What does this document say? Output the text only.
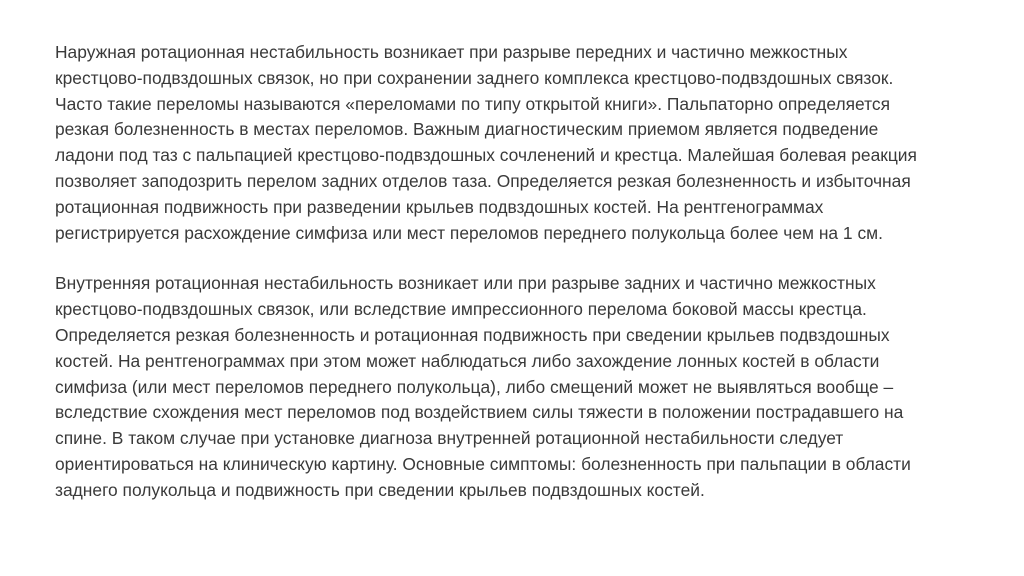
Наружная ротационная нестабильность возникает при разрыве передних и частично межкостных
крестцово-подвздошных связок, но при сохранении заднего комплекса крестцово-подвздошных связок.
Часто такие переломы называются «переломами по типу открытой книги». Пальпаторно определяется
резкая болезненность в местах переломов. Важным диагностическим приемом является подведение
ладони под таз с пальпацией крестцово-подвздошных сочленений и крестца. Малейшая болевая реакция
позволяет заподозрить перелом задних отделов таза. Определяется резкая болезненность и избыточная
ротационная подвижность при разведении крыльев подвздошных костей. На рентгенограммах
регистрируется расхождение симфиза или мест переломов переднего полукольца более чем на 1 см.

Внутренняя ротационная нестабильность возникает или при разрыве задних и частично межкостных
крестцово-подвздошных связок, или вследствие импрессионного перелома боковой массы крестца.
Определяется резкая болезненность и ротационная подвижность при сведении крыльев подвздошных
костей. На рентгенограммах при этом может наблюдаться либо захождение лонных костей в области
симфиза (или мест переломов переднего полукольца), либо смещений может не выявляться вообще –
вследствие схождения мест переломов под воздействием силы тяжести в положении пострадавшего на
спине. В таком случае при установке диагноза внутренней ротационной нестабильности следует
ориентироваться на клиническую картину. Основные симптомы: болезненность при пальпации в области
заднего полукольца и подвижность при сведении крыльев подвздошных костей.
